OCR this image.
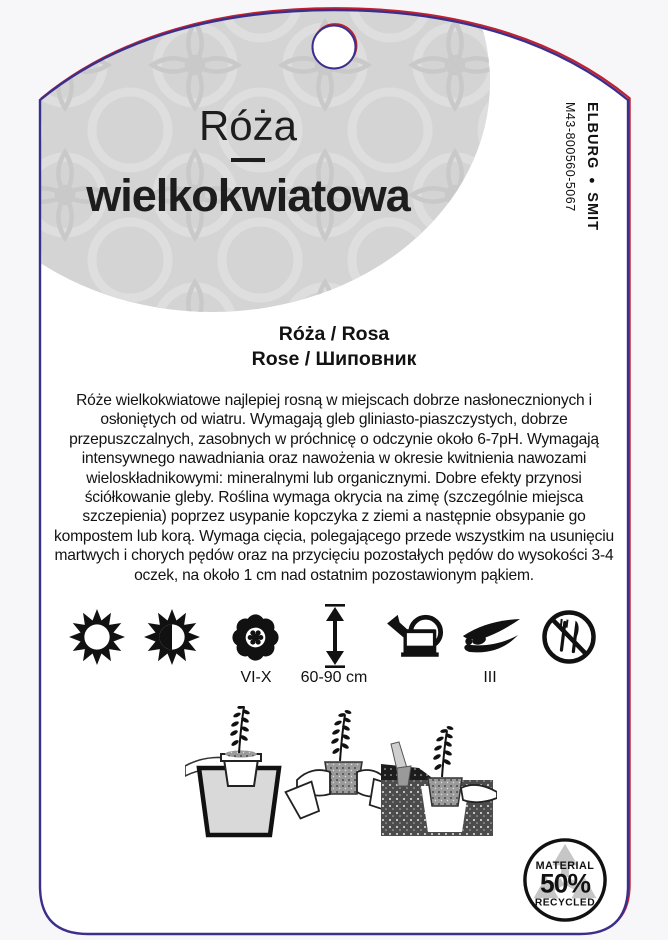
Róża
wielkokwiatowa
ELBURG ● SMIT
M43-800560-5067
Róża / Rosa
Rose / Шиповник
Róże wielkokwiatowe najlepiej rosną w miejscach dobrze nasłonecznionych i osłoniętych od wiatru. Wymagają gleb gliniasto-piaszczystych, dobrze przepuszczalnych, zasobnych w próchnicę o odczynie około 6-7pH. Wymagają intensywnego nawadniania oraz nawożenia w okresie kwitnienia nawozami wieloskładnikowymi: mineralnymi lub organicznymi. Dobre efekty przynosi ściółkowanie gleby. Roślina wymaga okrycia na zimę (szczególnie miejsca szczepienia) poprzez usypanie kopczyka z ziemi a następnie obsypanie go kompostem lub korą. Wymaga cięcia, polegającego przede wszystkim na usunięciu martwych i chorych pędów oraz na przycięciu pozostałych pędów do wysokości 3-4 oczek, na około 1 cm nad ostatnim pozostawionym pąkiem.
VI-X	60-90 cm	III
MATERIAL
50%
RECYCLED
